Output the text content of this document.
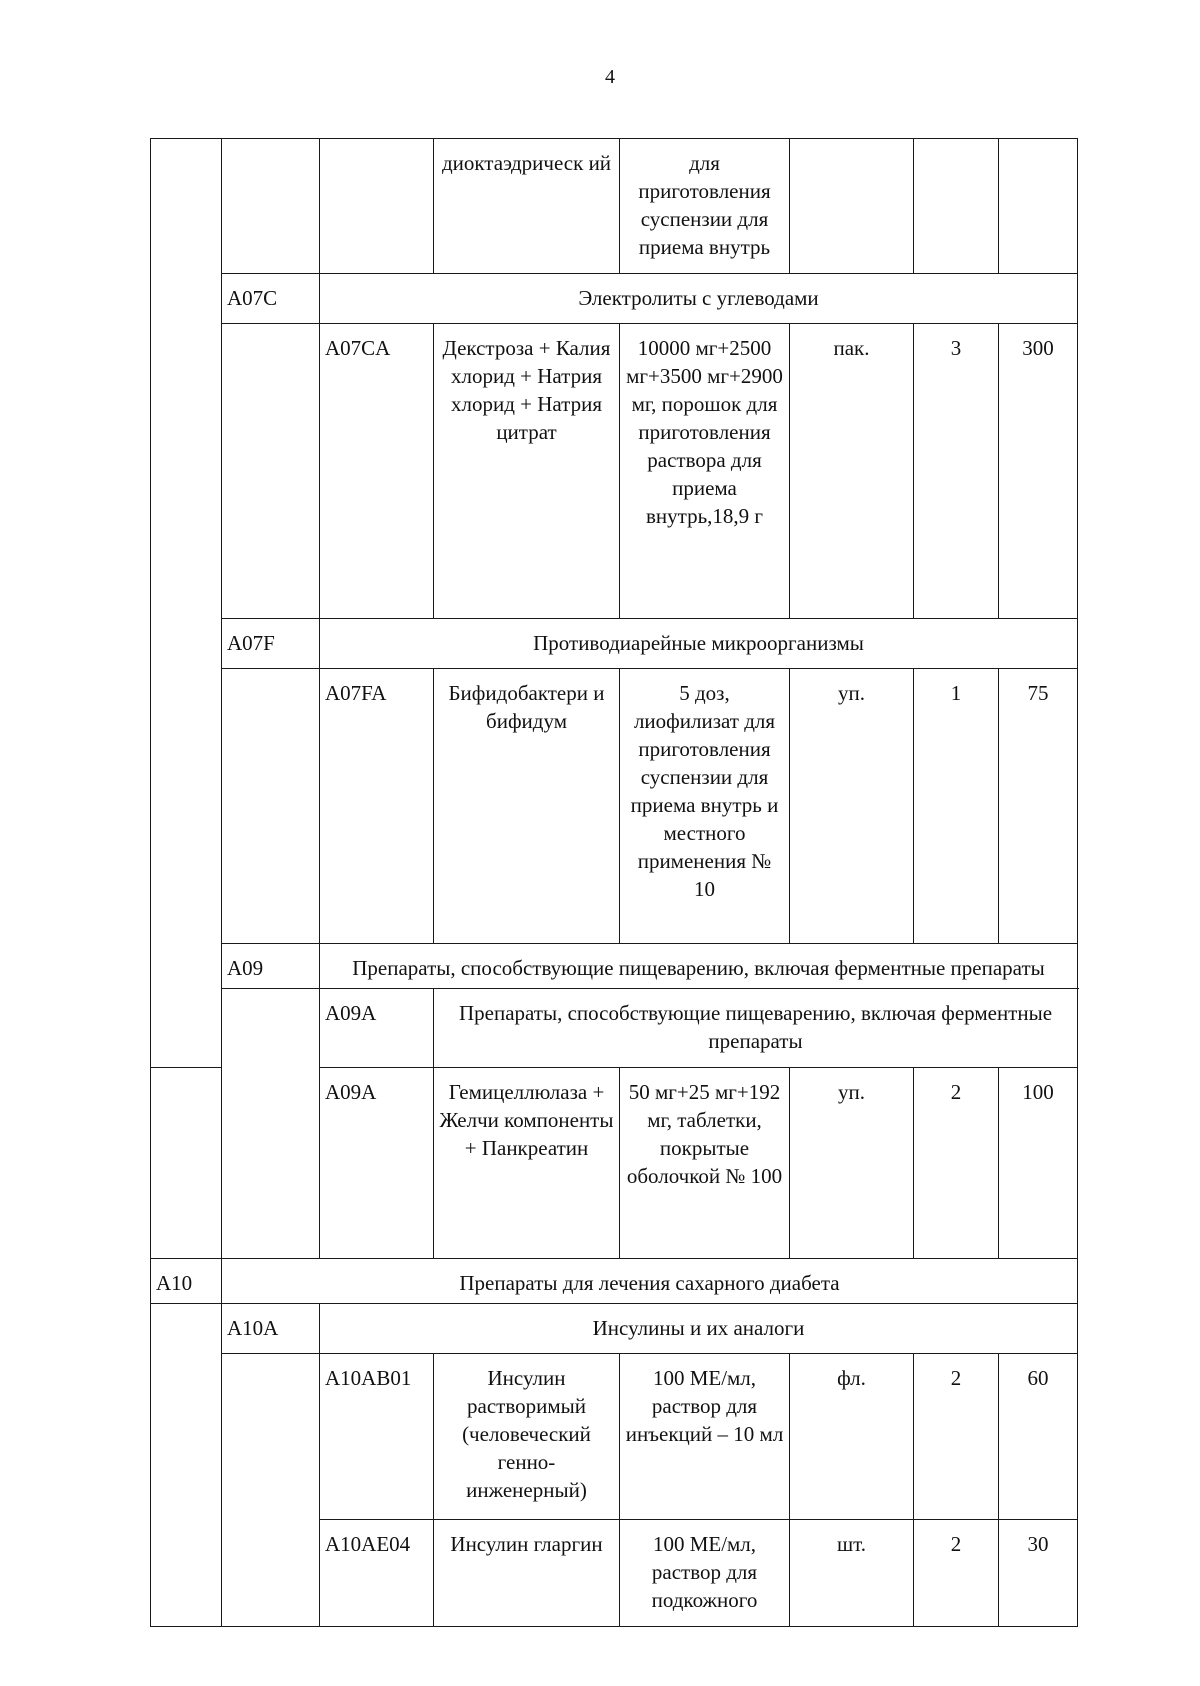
4
			диоктаэдрическ ий	для приготовления суспензии для приема внутрь			
	A07C	Электролиты с углеводами					
		A07CA	Декстроза + Калия хлорид + Натрия хлорид + Натрия цитрат	10000 мг+2500 мг+3500 мг+2900 мг, порошок для приготовления раствора для приема внутрь,18,9 г	пак.	3	300
	A07F	Противодиарейные микроорганизмы					
		A07FA	Бифидобактери и бифидум	5 доз, лиофилизат для приготовления суспензии для приема внутрь и местного применения № 10	уп.	1	75
	A09	Препараты, способствующие пищеварению, включая ферментные препараты					
		A09A	Препараты, способствующие пищеварению, включая ферментные препараты				
		A09A	Гемицеллюлаза + Желчи компоненты + Панкреатин	50 мг+25 мг+192 мг, таблетки, покрытые оболочкой № 100	уп.	2	100
A10	Препараты для лечения сахарного диабета						
	A10A	Инсулины и их аналоги					
		A10AB01	Инсулин растворимый (человеческий генно-инженерный)	100 МЕ/мл, раствор для инъекций – 10 мл	фл.	2	60
		A10AE04	Инсулин гларгин	100 МЕ/мл, раствор для подкожного	шт.	2	30
